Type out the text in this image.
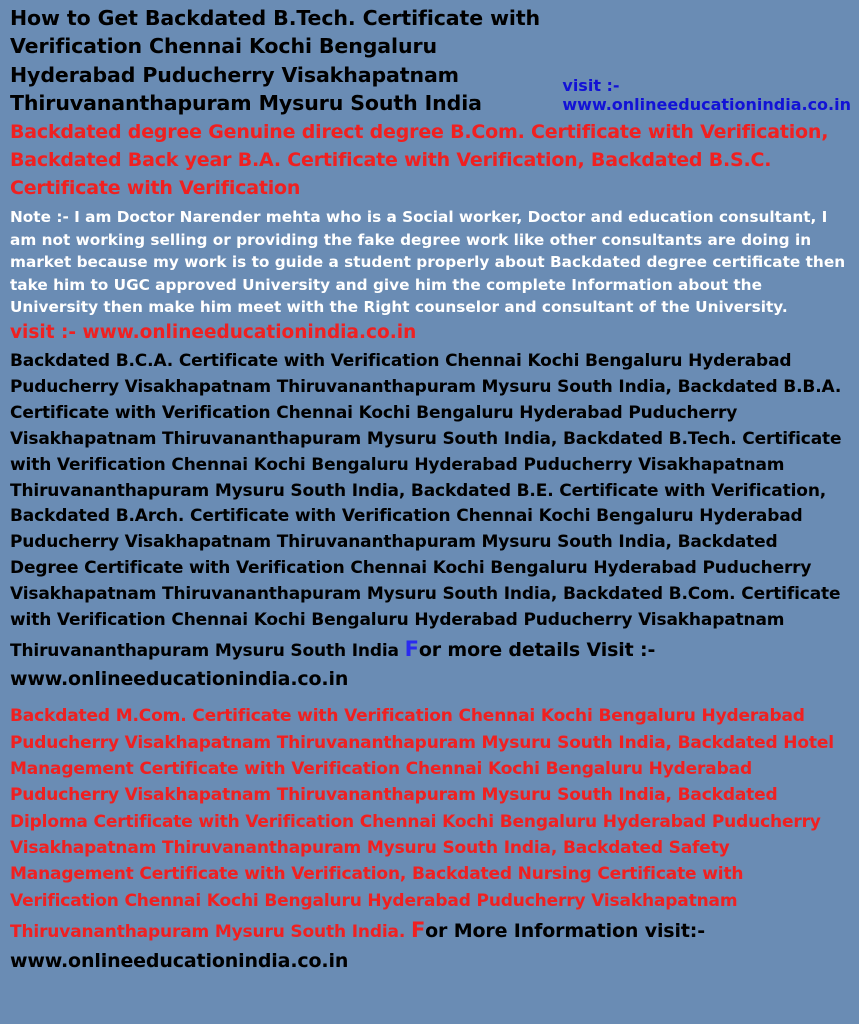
How to Get Backdated B.Tech. Certificate with Verification Chennai Kochi Bengaluru Hyderabad Puducherry Visakhapatnam Thiruvananthapuram Mysuru South India
visit :-
www.onlineeducationindia.co.in
Backdated degree Genuine direct degree B.Com. Certificate with Verification, Backdated Back year B.A. Certificate with Verification, Backdated B.S.C. Certificate with Verification
Note :- I am Doctor Narender mehta who is a Social worker, Doctor and education consultant, I am not working selling or providing the fake degree work like other consultants are doing in market because my work is to guide a student properly about Backdated degree certificate then take him to UGC approved University and give him the complete Information about the University then make him meet with the Right counselor and consultant of the University. visit :- www.onlineeducationindia.co.in
Backdated B.C.A. Certificate with Verification Chennai Kochi Bengaluru Hyderabad Puducherry Visakhapatnam Thiruvananthapuram Mysuru South India, Backdated B.B.A. Certificate with Verification Chennai Kochi Bengaluru Hyderabad Puducherry Visakhapatnam Thiruvananthapuram Mysuru South India, Backdated B.Tech. Certificate with Verification Chennai Kochi Bengaluru Hyderabad Puducherry Visakhapatnam Thiruvananthapuram Mysuru South India, Backdated B.E. Certificate with Verification, Backdated B.Arch. Certificate with Verification Chennai Kochi Bengaluru Hyderabad Puducherry Visakhapatnam Thiruvananthapuram Mysuru South India, Backdated Degree Certificate with Verification Chennai Kochi Bengaluru Hyderabad Puducherry Visakhapatnam Thiruvananthapuram Mysuru South India, Backdated B.Com. Certificate with Verification Chennai Kochi Bengaluru Hyderabad Puducherry Visakhapatnam Thiruvananthapuram Mysuru South India For more details Visit :- www.onlineeducationindia.co.in
Backdated M.Com. Certificate with Verification Chennai Kochi Bengaluru Hyderabad Puducherry Visakhapatnam Thiruvananthapuram Mysuru South India, Backdated Hotel Management Certificate with Verification Chennai Kochi Bengaluru Hyderabad Puducherry Visakhapatnam Thiruvananthapuram Mysuru South India, Backdated Diploma Certificate with Verification Chennai Kochi Bengaluru Hyderabad Puducherry Visakhapatnam Thiruvananthapuram Mysuru South India, Backdated Safety Management Certificate with Verification, Backdated Nursing Certificate with Verification Chennai Kochi Bengaluru Hyderabad Puducherry Visakhapatnam Thiruvananthapuram Mysuru South India. For More Information visit:- www.onlineeducationindia.co.in
